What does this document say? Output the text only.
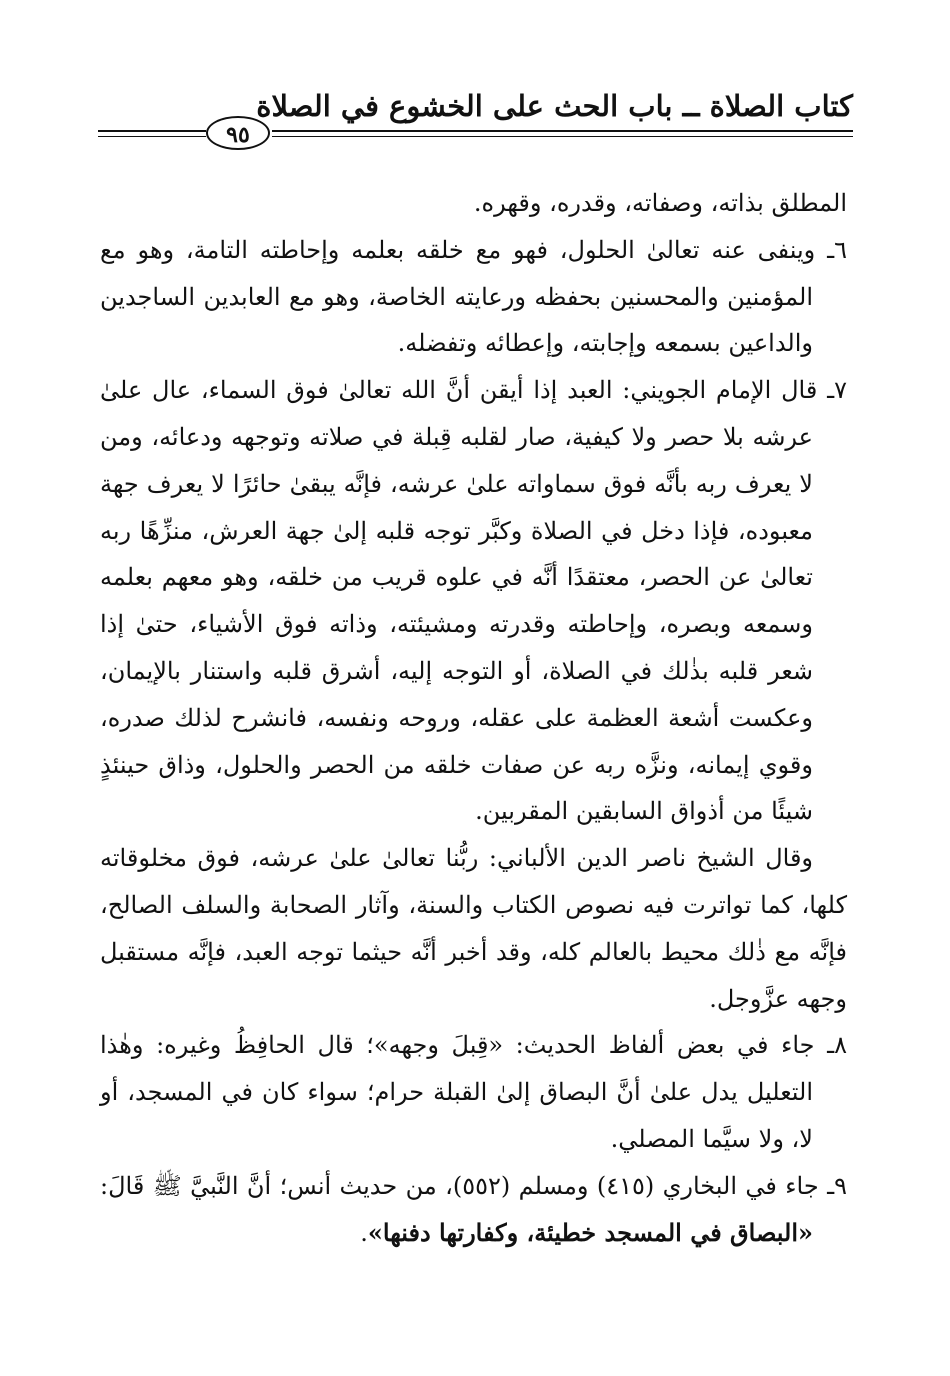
كتاب الصلاة ــ باب الحث على الخشوع في الصلاة
٩٥

المطلق بذاته، وصفاته، وقدره، وقهره.

٦ـ وينفى عنه تعالىٰ الحلول، فهو مع خلقه بعلمه وإحاطته التامة، وهو مع المؤمنين والمحسنين بحفظه ورعايته الخاصة، وهو مع العابدين الساجدين والداعين بسمعه وإجابته، وإعطائه وتفضله.

٧ـ قال الإمام الجويني: العبد إذا أيقن أنَّ الله تعالىٰ فوق السماء، عال علىٰ عرشه بلا حصر ولا كيفية، صار لقلبه قِبلة في صلاته وتوجهه ودعائه، ومن لا يعرف ربه بأنَّه فوق سماواته علىٰ عرشه، فإنَّه يبقىٰ حائرًا لا يعرف جهة معبوده، فإذا دخل في الصلاة وكبَّر توجه قلبه إلىٰ جهة العرش، منزِّهًا ربه تعالىٰ عن الحصر، معتقدًا أنَّه في علوه قريب من خلقه، وهو معهم بعلمه وسمعه وبصره، وإحاطته وقدرته ومشيئته، وذاته فوق الأشياء، حتىٰ إذا شعر قلبه بذٰلك في الصلاة، أو التوجه إليه، أشرق قلبه واستنار بالإيمان، وعكست أشعة العظمة على عقله، وروحه ونفسه، فانشرح لذلك صدره، وقوي إيمانه، ونزَّه ربه عن صفات خلقه من الحصر والحلول، وذاق حينئذٍ شيئًا من أذواق السابقين المقربين.

وقال الشيخ ناصر الدين الألباني: ربُّنا تعالىٰ علىٰ عرشه، فوق مخلوقاته كلها، كما تواترت فيه نصوص الكتاب والسنة، وآثار الصحابة والسلف الصالح، فإنَّه مع ذٰلك محيط بالعالم كله، وقد أخبر أنَّه حيثما توجه العبد، فإنَّه مستقبل وجهه عزَّوجل.

٨ـ جاء في بعض ألفاظ الحديث: «قِبلَ وجهه»؛ قال الحافِظُ وغيره: وهٰذا التعليل يدل علىٰ أنَّ البصاق إلىٰ القبلة حرام؛ سواء كان في المسجد، أو لا، ولا سيَّما المصلي.

٩ـ جاء في البخاري (٤١٥) ومسلم (٥٥٢)، من حديث أنس؛ أنَّ النَّبيَّ ﷺ قَالَ: «البصاق في المسجد خطيئة، وكفارتها دفنها».
